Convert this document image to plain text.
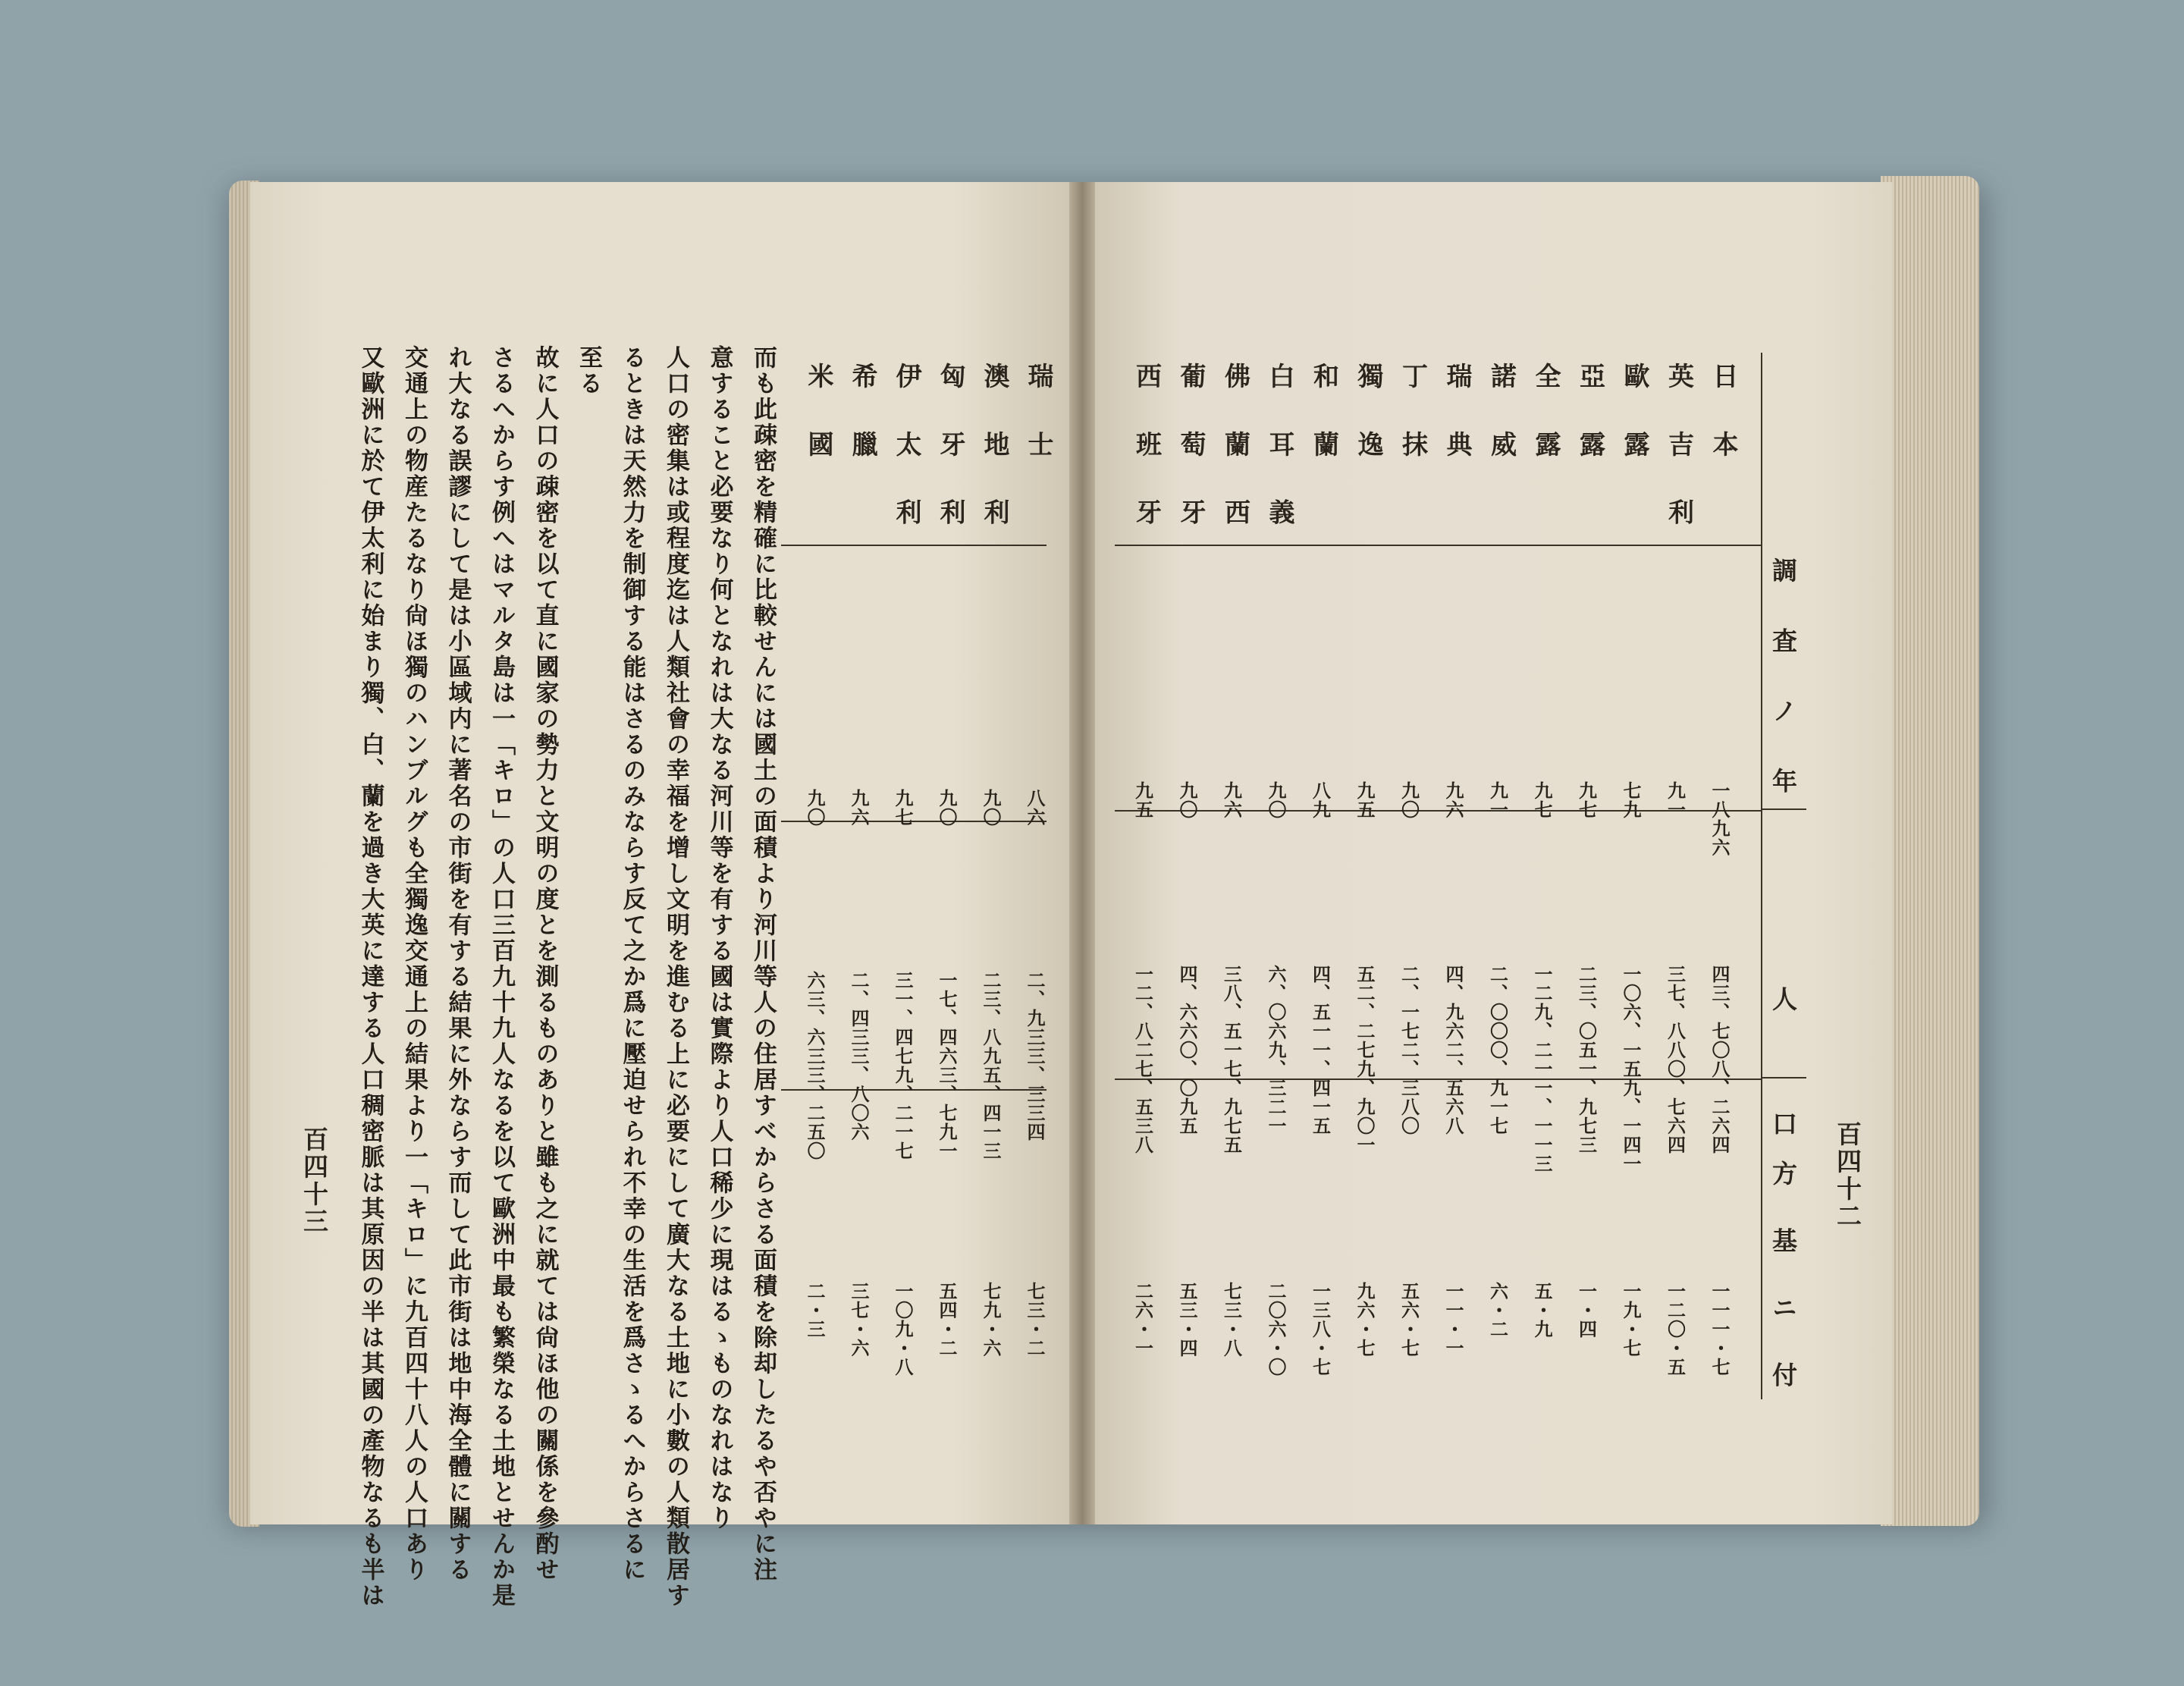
調 査 ノ 年
人 口
方 基 ニ 付 百四十二
日 本
一八九六
四三、七〇八、二六四
一一一・七
英 吉 利
九一
三七、八八〇、七六四
一二〇・五
歐 露
七九
一〇六、一五九、一四一
一九・七
亞 露
九七
二三、〇五一、九七三
一・四
全 露
九七
一二九、二一一、一一三
五・九
諾 威
九一
二、〇〇〇、九一七
六・二
瑞 典
九六
四、九六二、五六八
一一・一
丁 抹
九〇
二、一七二、三八〇
五六・七
獨 逸
九五
五二、二七九、九〇一
九六・七
和 蘭
八九
四、五一一、四一五
一三八・七
白 耳 義
九〇
六、〇六九、三二一
二〇六・〇
佛 蘭 西
九六
三八、五一七、九七五
七三・八
葡 萄 牙
九〇
四、六六〇、〇九五
五三・四
西 班 牙
九五
一二、八二七、五三八
二六・一
瑞 士
八六
二、九三三、三三四
七三・二
澳 地 利
九〇
二三、八九五、四一三
七九・六
匈 牙 利
九〇
一七、四六三、七九一
五四・二
伊 太 利
九七
三一、四七九、二一七
一〇九・八
希 臘
九六
二、四三三、八〇六
三七・六
米 國
九〇
六三、六三三、二五〇
二・三
而も此疎密を精確に比較せんには國土の面積より河川等人の住居すべからさる面積を除却したるや否やに注
意すること必要なり何となれは大なる河川等を有する國は實際より人口稀少に現はるゝものなれはなり
人口の密集は或程度迄は人類社會の幸福を增し文明を進むる上に必要にして廣大なる土地に小數の人類散居す
るときは天然力を制御する能はさるのみならす反て之か爲に壓迫せられ不幸の生活を爲さゝるへからさるに
至る
故に人口の疎密を以て直に國家の勢力と文明の度とを測るものありと雖も之に就ては尙ほ他の關係を參酌せ
さるへからす例へはマルタ島は一「キロ」の人口三百九十九人なるを以て歐洲中最も繁榮なる土地とせんか是
れ大なる誤謬にして是は小區域内に著名の市街を有する結果に外ならす而して此市街は地中海全體に關する
交通上の物産たるなり尙ほ獨のハンブルグも全獨逸交通上の結果より一「キロ」に九百四十八人の人口あり
又歐洲に於て伊太利に始まり獨、白、蘭を過き大英に達する人口稠密脈は其原因の半は其國の產物なるも半は
百四十三
